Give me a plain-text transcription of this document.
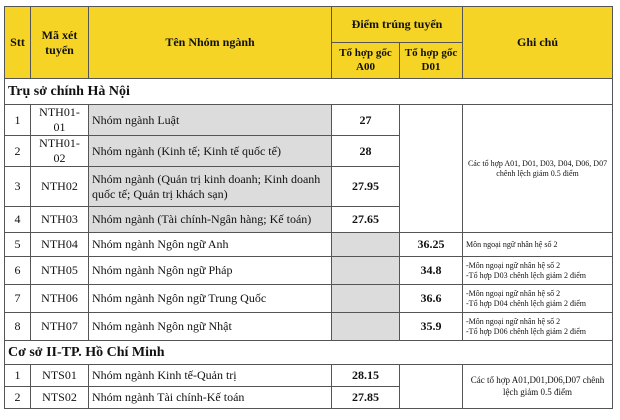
Stt	Mã xét tuyển	Tên Nhóm ngành	Điểm trúng tuyển		Ghi chú
			Tổ hợp gốc A00	Tổ hợp gốc D01	
Trụ sở chính Hà Nội					
1	NTH01-01	Nhóm ngành Luật	27		Các tổ hợp A01, D01, D03, D04, D06, D07 chênh lệch giảm 0.5 điểm
2	NTH01-02	Nhóm ngành (Kinh tế; Kinh tế quốc tế)	28		
3	NTH02	Nhóm ngành (Quản trị kinh doanh; Kinh doanh quốc tế; Quản trị khách sạn)	27.95		
4	NTH03	Nhóm ngành (Tài chính-Ngân hàng; Kế toán)	27.65		
5	NTH04	Nhóm ngành Ngôn ngữ Anh		36.25	Môn ngoại ngữ nhân hệ số 2
6	NTH05	Nhóm ngành Ngôn ngữ Pháp		34.8	-Môn ngoại ngữ nhân hệ số 2
-Tổ hợp D03 chênh lệch giảm 2 điểm

7	NTH06	Nhóm ngành Ngôn ngữ Trung Quốc		36.6	-Môn ngoại ngữ nhân hệ số 2
-Tổ hợp D04 chênh lệch giảm 2 điểm

8	NTH07	Nhóm ngành Ngôn ngữ Nhật		35.9	-Môn ngoại ngữ nhân hệ số 2
-Tổ hợp D06 chênh lệch giảm 2 điểm

Cơ sở II-TP. Hồ Chí Minh					
1	NTS01	Nhóm ngành Kinh tế-Quản trị	28.15		Các tổ hợp A01,D01,D06,D07 chênh lệch giảm 0.5 điểm
2	NTS02	Nhóm ngành Tài chính-Kế toán	27.85		
